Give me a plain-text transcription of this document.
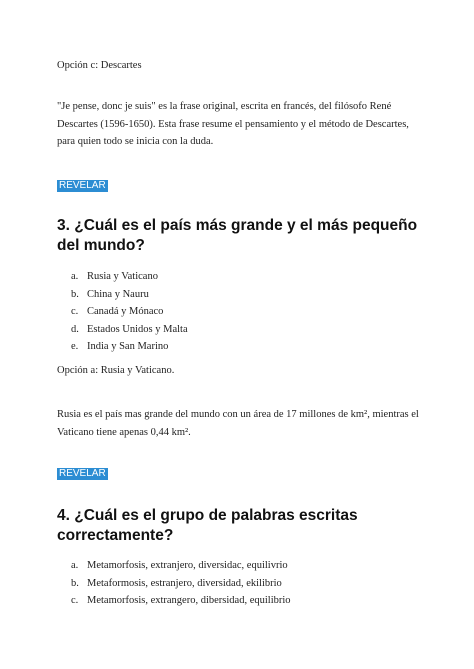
Opción c: Descartes
"Je pense, donc je suis" es la frase original, escrita en francés, del filósofo René Descartes (1596-1650). Esta frase resume el pensamiento y el método de Descartes, para quien todo se inicia con la duda.
REVELAR
3. ¿Cuál es el país más grande y el más pequeño del mundo?
a. Rusia y Vaticano
b. China y Nauru
c. Canadá y Mónaco
d. Estados Unidos y Malta
e. India y San Marino
Opción a: Rusia y Vaticano.
Rusia es el país mas grande del mundo con un área de 17 millones de km², mientras el Vaticano tiene apenas 0,44 km².
REVELAR
4. ¿Cuál es el grupo de palabras escritas correctamente?
a. Metamorfosis, extranjero, diversidac, equilivrio
b. Metaformosis, estranjero, diversidad, ekilibrio
c. Metamorfosis, extrangero, dibersidad, equilibrio
